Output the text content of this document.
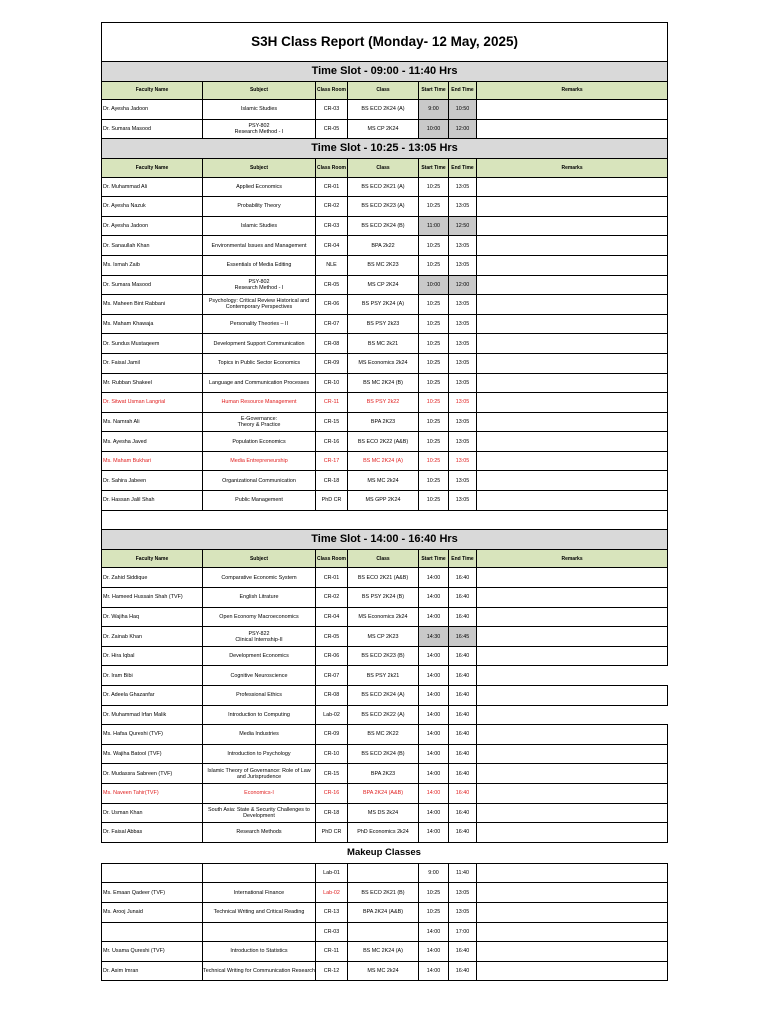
S3H Class Report (Monday- 12 May, 2025)						
Time Slot - 09:00 - 11:40 Hrs						
Faculty Name	Subject	Class Room	Class	Start Time	End Time	Remarks
Dr. Ayesha Jadoon	Islamic Studies	CR-03	BS ECO 2K24 (A)	9:00	10:50	
Dr. Sumara Masood	PSY-802
Research Method - I	CR-05	MS CP 2K24	10:00	12:00	
Time Slot - 10:25 - 13:05 Hrs						
Faculty Name	Subject	Class Room	Class	Start Time	End Time	Remarks
Dr. Muhammad Ali	Applied Economics	CR-01	BS ECO 2K21 (A)	10:25	13:05	
Dr. Ayesha Nazuk	Probability Theory	CR-02	BS ECO 2K23 (A)	10:25	13:05	
Dr. Ayesha Jadoon	Islamic Studies	CR-03	BS ECO 2K24 (B)	11:00	12:50	
Dr. Sanaullah Khan	Environmental Issues and Management	CR-04	BPA 2k22	10:25	13:05	
Ms. Ismah Zaib	Essentials of Media Editing	NLE	BS MC 2K23	10:25	13:05	
Dr. Sumara Masood	PSY-802
Research Method - I	CR-05	MS CP 2K24	10:00	12:00	
Ms. Maheen Bint Rabbani	Psychology: Critical Review Historical and Contemporary Perspectives	CR-06	BS PSY 2K24 (A)	10:25	13:05	
Ms. Maham Khawaja	Personality Theories – II	CR-07	BS PSY 2k23	10:25	13:05	
Dr. Sundus Mustaqeem	Development Support Communication	CR-08	BS MC 2k21	10:25	13:05	
Dr. Faisal Jamil	Topics in Public Sector Economics	CR-09	MS Economics 2k24	10:25	13:05	
Mr. Rubban Shakeel	Language and Communication Processes	CR-10	BS MC 2K24 (B)	10:25	13:05	
Dr. Sitwat Usman Langrial	Human Resource Management	CR-11	BS PSY 2k22	10:25	13:05	
Ms. Namrah Ali	E-Governance:
Theory & Practice	CR-15	BPA 2K23	10:25	13:05	
Ms. Ayesha Javed	Population Economics	CR-16	BS ECO 2K22 (A&B)	10:25	13:05	
Ms. Maham Bukhari	Media Entrepreneurship	CR-17	BS MC 2K24 (A)	10:25	13:05	
Dr. Sahira Jabeen	Organizational Communication	CR-18	MS MC 2k24	10:25	13:05	
Dr. Hassan Jalil Shah	Public Management	PhD CR	MS GPP 2K24	10:25	13:05	

Time Slot - 14:00 - 16:40 Hrs						
Faculty Name	Subject	Class Room	Class	Start Time	End Time	Remarks
Dr. Zahid Siddique	Comparative Economic System	CR-01	BS ECO 2K21 (A&B)	14:00	16:40	
Mr. Hameed Hussain Shah (TVF)	English Litrature	CR-02	BS PSY 2K24 (B)	14:00	16:40	
Dr. Wajiha Haq	Open Economy Macroeconomics	CR-04	MS Economics 2k24	14:00	16:40	
Dr. Zainab Khan	PSY-822
Clinical Internship-II	CR-05	MS CP 2K23	14:30	16:45	
Dr. Hira Iqbal	Development Economics	CR-06	BS ECO 2K23 (B)	14:00	16:40	
Dr. Iram Bibi	Cognitive Neuroscience	CR-07	BS PSY 2k21	14:00	16:40	
Dr. Adeela Ghazanfar	Professional Ethics	CR-08	BS ECO 2K24 (A)	14:00	16:40	
Dr. Muhammad Irfan Malik	Introduction to Computing	Lab-02	BS ECO 2K22 (A)	14:00	16:40	
Ms. Hafsa Qureshi (TVF)	Media Industries	CR-09	BS MC 2K22	14:00	16:40	
Ms. Wajiha Batool (TVF)	Introduction to Psychology	CR-10	BS ECO 2K24 (B)	14:00	16:40	
Dr. Mudassra Sabreen (TVF)	Islamic Theory of Governance: Role of Law and Jurisprudence	CR-15	BPA 2K23	14:00	16:40	
Ms. Naveen Tahir(TVF)	Economics-I	CR-16	BPA 2K24 (A&B)	14:00	16:40	
Dr. Usman Khan	South Asia: State & Security Challenges to Development	CR-18	MS DS 2k24	14:00	16:40	
Dr. Faisal Abbas	Research Methods	PhD CR	PhD Economics 2k24	14:00	16:40	
Makeup Classes
		Lab-01		9:00	11:40	
Ms. Emaan Qadeer (TVF)	International Finance	Lab-02	BS ECO 2K21 (B)	10:25	13:05	
Ms. Arooj Junaid	Technical Writing and Critical Reading	CR-13	BPA 2K24 (A&B)	10:25	13:05	
		CR-03		14:00	17:00	
Mr. Usama Qureshi (TVF)	Introduction to Statistics	CR-11	BS MC 2K24 (A)	14:00	16:40	
Dr. Asim Imran	Technical Writing for Communication Research	CR-12	MS MC 2k24	14:00	16:40	
